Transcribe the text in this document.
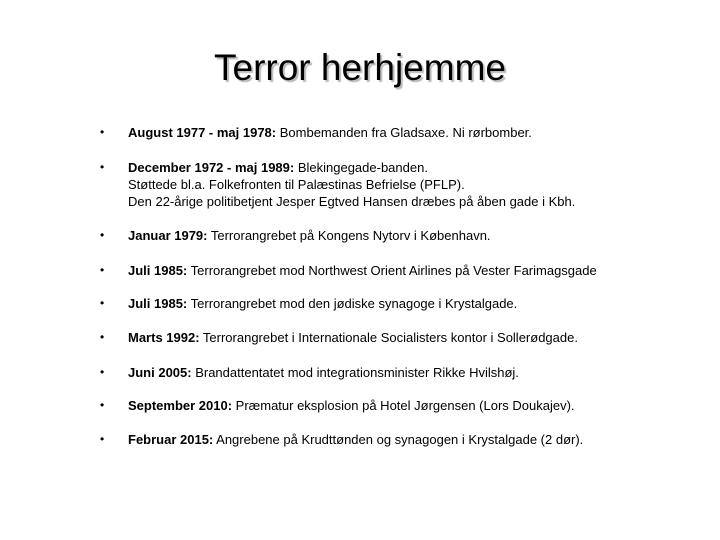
Terror herhjemme
• August 1977 - maj 1978: Bombemanden fra Gladsaxe. Ni rørbomber.
• December 1972 - maj 1989: Blekingegade-banden.
Støttede bl.a. Folkefronten til Palæstinas Befrielse (PFLP).
Den 22-årige politibetjent Jesper Egtved Hansen dræbes på åben gade i Kbh.
• Januar 1979: Terrorangrebet på Kongens Nytorv i København.
• Juli 1985: Terrorangrebet mod Northwest Orient Airlines på Vester Farimagsgade
• Juli 1985: Terrorangrebet mod den jødiske synagoge i Krystalgade.
• Marts 1992: Terrorangrebet i Internationale Socialisters kontor i Sollerødgade.
• Juni 2005: Brandattentatet mod integrationsminister Rikke Hvilshøj.
• September 2010: Præmatur eksplosion på Hotel Jørgensen (Lors Doukajev).
• Februar 2015: Angrebene på Krudttønden og synagogen i Krystalgade (2 dør).
